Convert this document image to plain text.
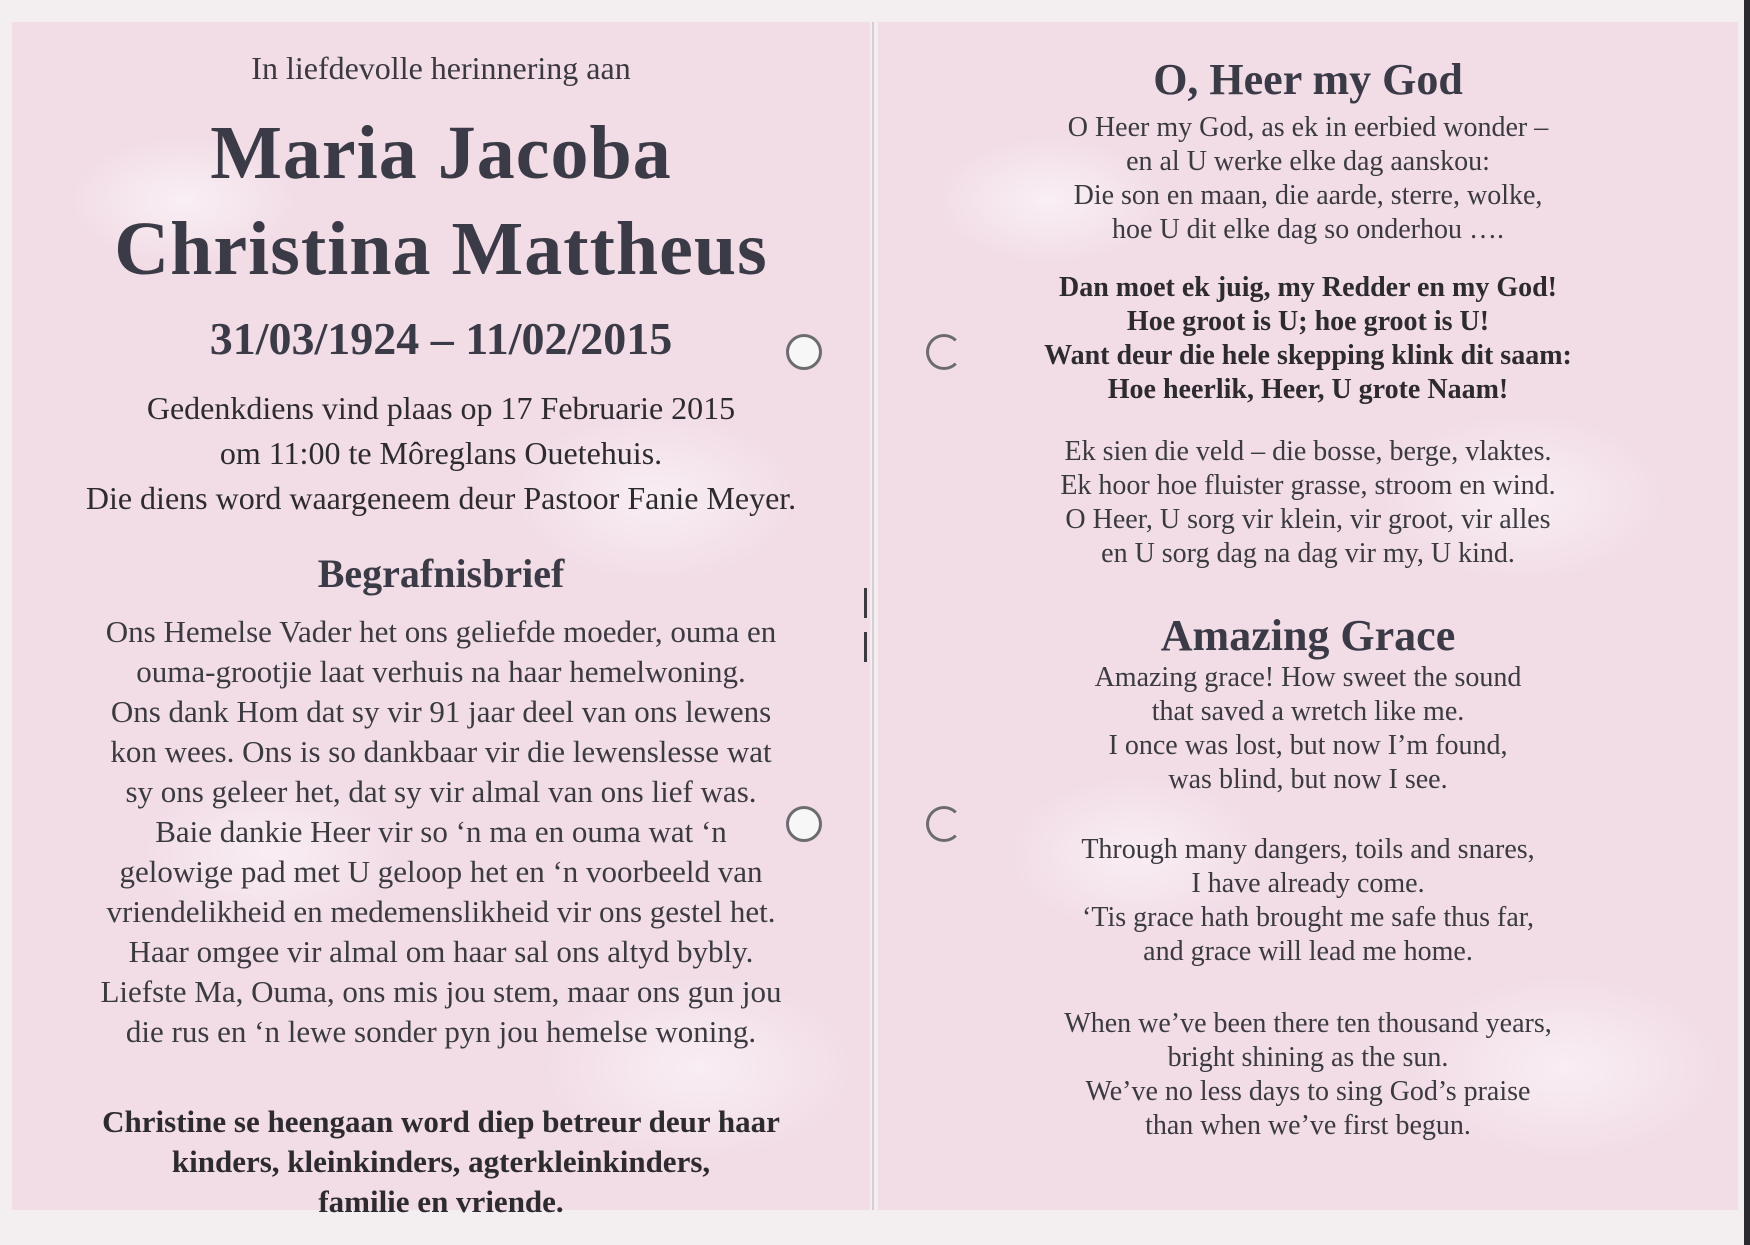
In liefdevolle herinnering aan
Maria Jacoba
Christina Mattheus
31/03/1924 – 11/02/2015
Gedenkdiens vind plaas op 17 Februarie 2015
om 11:00 te Môreglans Ouetehuis.
Die diens word waargeneem deur Pastoor Fanie Meyer.
Begrafnisbrief
Ons Hemelse Vader het ons geliefde moeder, ouma en
ouma-grootjie laat verhuis na haar hemelwoning.
Ons dank Hom dat sy vir 91 jaar deel van ons lewens
kon wees. Ons is so dankbaar vir die lewenslesse wat
sy ons geleer het, dat sy vir almal van ons lief was.
Baie dankie Heer vir so ‘n ma en ouma wat ‘n
gelowige pad met U geloop het en ‘n voorbeeld van
vriendelikheid en medemenslikheid vir ons gestel het.
Haar omgee vir almal om haar sal ons altyd bybly.
Liefste Ma, Ouma, ons mis jou stem, maar ons gun jou
die rus en ‘n lewe sonder pyn jou hemelse woning.
Christine se heengaan word diep betreur deur haar
kinders, kleinkinders, agterkleinkinders,
familie en vriende.
O, Heer my God
O Heer my God, as ek in eerbied wonder –
en al U werke elke dag aanskou:
Die son en maan, die aarde, sterre, wolke,
hoe U dit elke dag so onderhou ….
Dan moet ek juig, my Redder en my God!
Hoe groot is U; hoe groot is U!
Want deur die hele skepping klink dit saam:
Hoe heerlik, Heer, U grote Naam!
Ek sien die veld – die bosse, berge, vlaktes.
Ek hoor hoe fluister grasse, stroom en wind.
O Heer, U sorg vir klein, vir groot, vir alles
en U sorg dag na dag vir my, U kind.
Amazing Grace
Amazing grace! How sweet the sound
that saved a wretch like me.
I once was lost, but now I’m found,
was blind, but now I see.
Through many dangers, toils and snares,
I have already come.
‘Tis grace hath brought me safe thus far,
and grace will lead me home.
When we’ve been there ten thousand years,
bright shining as the sun.
We’ve no less days to sing God’s praise
than when we’ve first begun.
